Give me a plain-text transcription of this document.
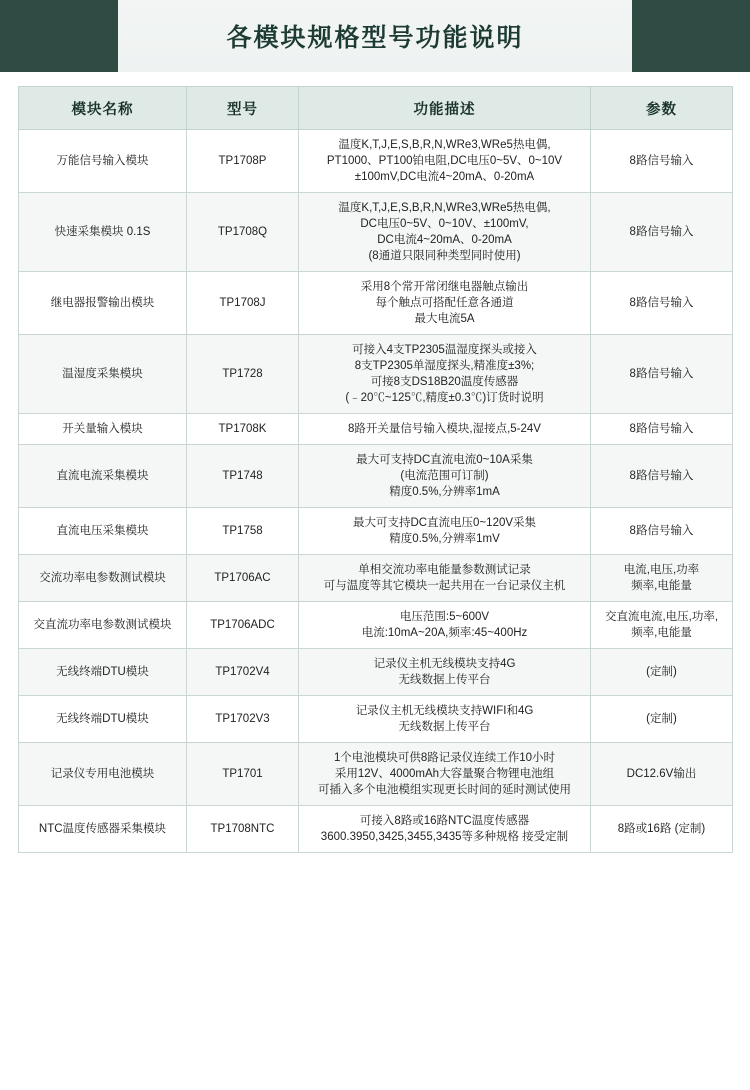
各模块规格型号功能说明
模块名称	型号	功能描述	参数
万能信号输入模块	TP1708P	温度K,T,J,E,S,B,R,N,WRe3,WRe5热电偶,
PT1000、PT100铂电阻,DC电压0~5V、0~10V
±100mV,DC电流4~20mA、0-20mA	8路信号输入

快速采集模块 0.1S	TP1708Q	温度K,T,J,E,S,B,R,N,WRe3,WRe5热电偶,
DC电压0~5V、0~10V、±100mV,
DC电流4~20mA、0-20mA
(8通道只限同种类型同时使用)	8路信号输入

继电器报警输出模块	TP1708J	采用8个常开常闭继电器触点输出
每个触点可搭配任意各通道
最大电流5A	8路信号输入

温湿度采集模块	TP1728	可接入4支TP2305温湿度探头或接入
8支TP2305单湿度探头,精准度±3%;
可接8支DS18B20温度传感器
(﹣20℃~125℃,精度±0.3℃)订货时说明	8路信号输入

开关量输入模块	TP1708K	8路开关量信号输入模块,湿接点,5-24V	8路信号输入

直流电流采集模块	TP1748	最大可支持DC直流电流0~10A采集
(电流范围可订制)
精度0.5%,分辨率1mA	8路信号输入

直流电压采集模块	TP1758	最大可支持DC直流电压0~120V采集
精度0.5%,分辨率1mV	8路信号输入

交流功率电参数测试模块	TP1706AC	单相交流功率电能量参数测试记录
可与温度等其它模块一起共用在一台记录仪主机	电流,电压,功率
频率,电能量

交直流功率电参数测试模块	TP1706ADC	电压范围:5~600V
电流:10mA~20A,频率:45~400Hz	交直流电流,电压,功率,
频率,电能量

无线终端DTU模块	TP1702V4	记录仪主机无线模块支持4G
无线数据上传平台	(定制)

无线终端DTU模块	TP1702V3	记录仪主机无线模块支持WIFI和4G
无线数据上传平台	(定制)

记录仪专用电池模块	TP1701	1个电池模块可供8路记录仪连续工作10小时
采用12V、4000mAh大容量聚合物锂电池组
可插入多个电池模组实现更长时间的延时测试使用	DC12.6V输出

NTC温度传感器采集模块	TP1708NTC	可接入8路或16路NTC温度传感器
3600.3950,3425,3455,3435等多种规格 接受定制	8路或16路 (定制)
